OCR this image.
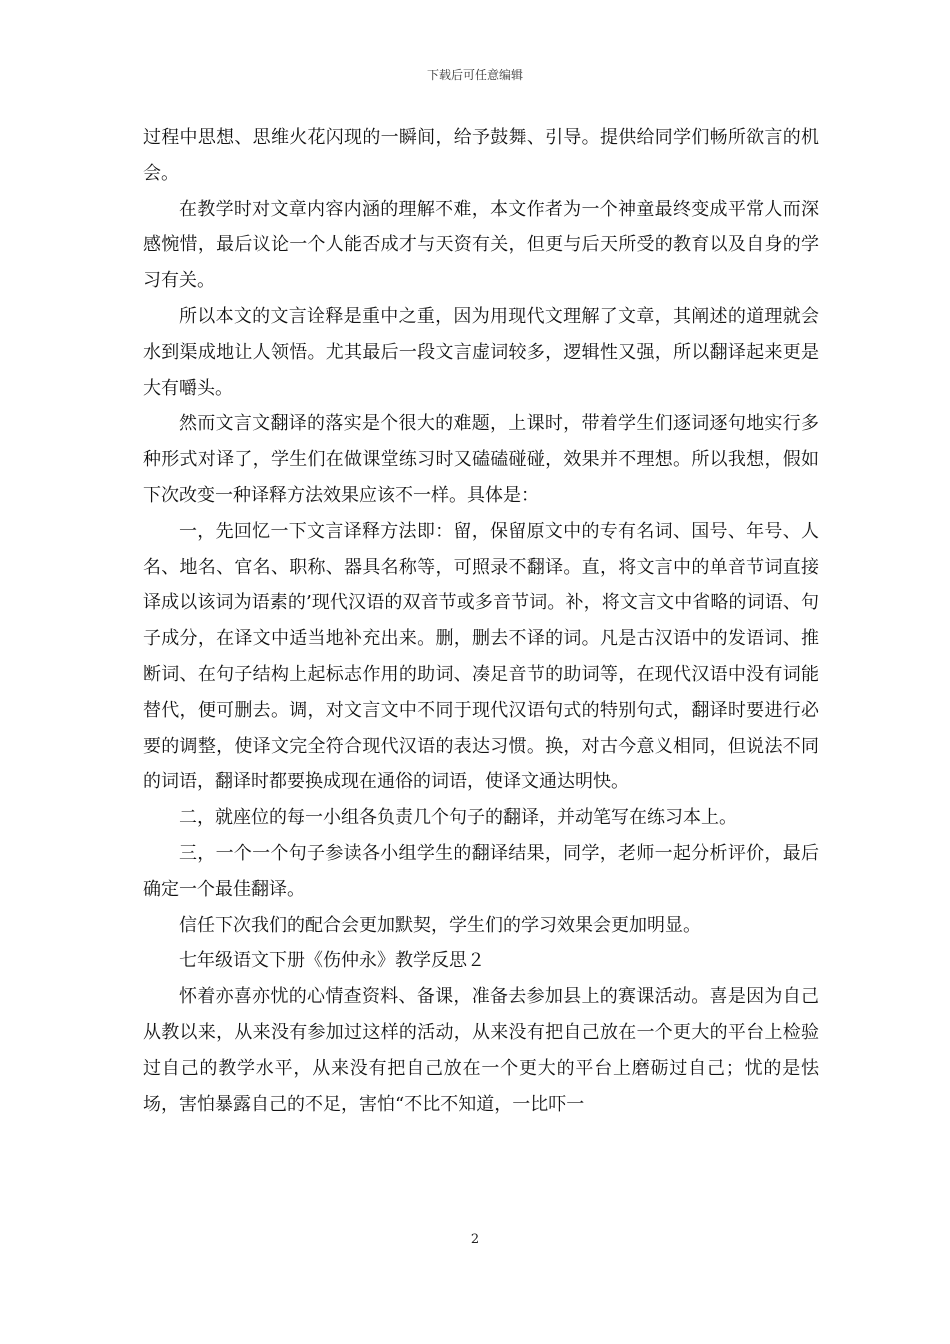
下载后可任意编辑

过程中思想、思维火花闪现的一瞬间，给予鼓舞、引导。提供给同学们畅所欲言的机会。

在教学时对文章内容内涵的理解不难，本文作者为一个神童最终变成平常人而深感惋惜，最后议论一个人能否成才与天资有关，但更与后天所受的教育以及自身的学习有关。

所以本文的文言诠释是重中之重，因为用现代文理解了文章，其阐述的道理就会水到渠成地让人领悟。尤其最后一段文言虚词较多，逻辑性又强，所以翻译起来更是大有嚼头。

然而文言文翻译的落实是个很大的难题，上课时，带着学生们逐词逐句地实行多种形式对译了，学生们在做课堂练习时又磕磕碰碰，效果并不理想。所以我想，假如下次改变一种译释方法效果应该不一样。具体是：

一，先回忆一下文言译释方法即：留，保留原文中的专有名词、国号、年号、人名、地名、官名、职称、器具名称等，可照录不翻译。直，将文言中的单音节词直接译成以该词为语素的’现代汉语的双音节或多音节词。补，将文言文中省略的词语、句子成分，在译文中适当地补充出来。删，删去不译的词。凡是古汉语中的发语词、推断词、在句子结构上起标志作用的助词、凑足音节的助词等，在现代汉语中没有词能替代，便可删去。调，对文言文中不同于现代汉语句式的特别句式，翻译时要进行必要的调整，使译文完全符合现代汉语的表达习惯。换，对古今意义相同，但说法不同的词语，翻译时都要换成现在通俗的词语，使译文通达明快。

二，就座位的每一小组各负责几个句子的翻译，并动笔写在练习本上。

三，一个一个句子参读各小组学生的翻译结果，同学，老师一起分析评价，最后确定一个最佳翻译。

信任下次我们的配合会更加默契，学生们的学习效果会更加明显。

七年级语文下册《伤仲永》教学反思２

怀着亦喜亦忧的心情查资料、备课，准备去参加县上的赛课活动。喜是因为自己从教以来，从来没有参加过这样的活动，从来没有把自己放在一个更大的平台上检验过自己的教学水平，从来没有把自己放在一个更大的平台上磨砺过自己；忧的是怯场，害怕暴露自己的不足，害怕“不比不知道，一比吓一

2
